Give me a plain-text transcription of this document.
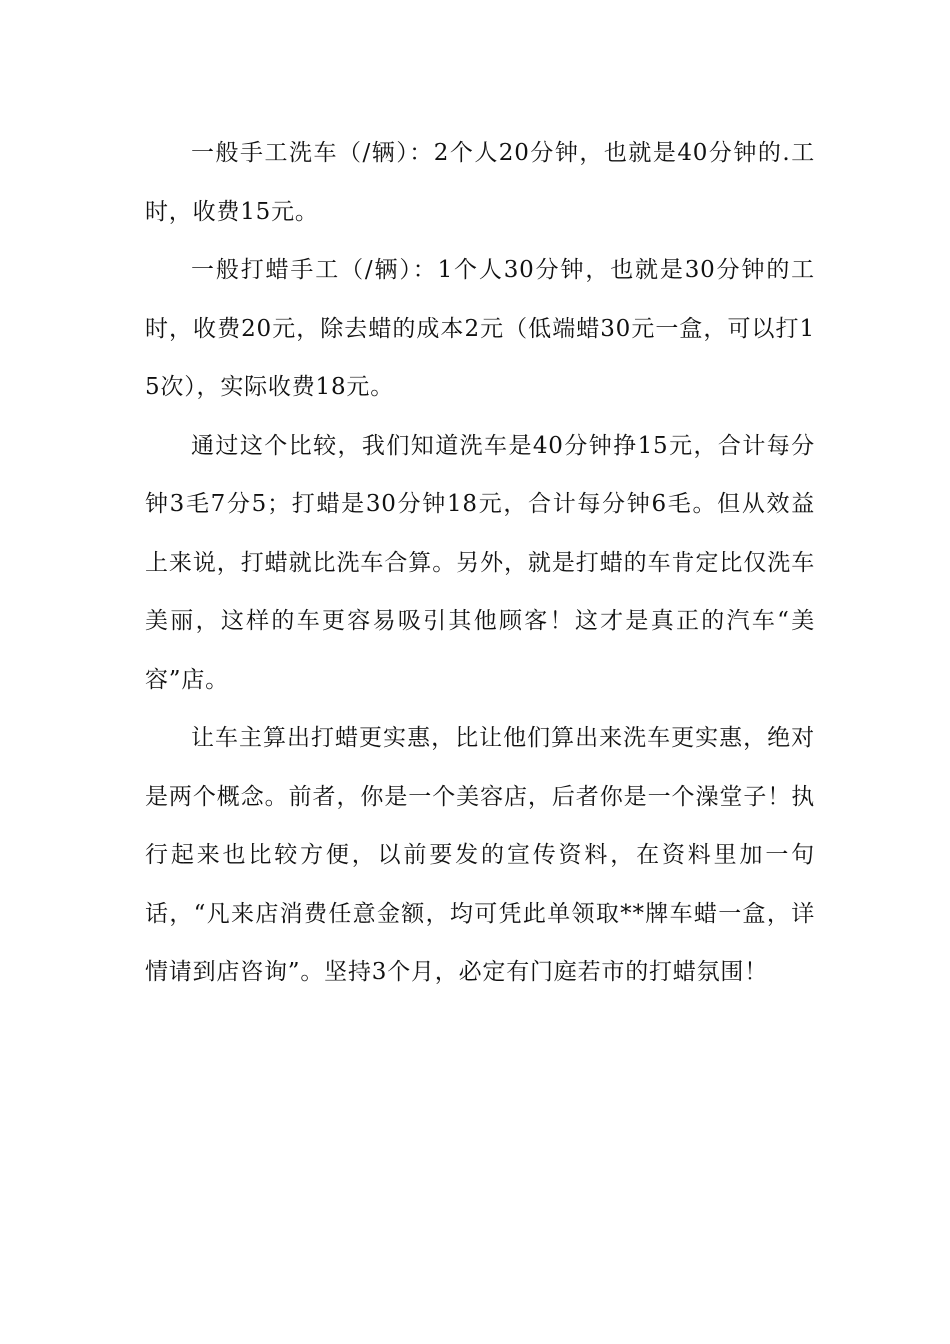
一般手工洗车（/辆）：2个人20分钟，也就是40分钟的.工时，收费15元。

一般打蜡手工（/辆）：1个人30分钟，也就是30分钟的工时，收费20元，除去蜡的成本2元（低端蜡30元一盒，可以打15次），实际收费18元。

通过这个比较，我们知道洗车是40分钟挣15元，合计每分钟3毛7分5；打蜡是30分钟18元，合计每分钟6毛。但从效益上来说，打蜡就比洗车合算。另外，就是打蜡的车肯定比仅洗车美丽，这样的车更容易吸引其他顾客！这才是真正的汽车“美容”店。

让车主算出打蜡更实惠，比让他们算出来洗车更实惠，绝对是两个概念。前者，你是一个美容店，后者你是一个澡堂子！执行起来也比较方便，以前要发的宣传资料，在资料里加一句话，“凡来店消费任意金额，均可凭此单领取**牌车蜡一盒，详情请到店咨询”。坚持3个月，必定有门庭若市的打蜡氛围！
